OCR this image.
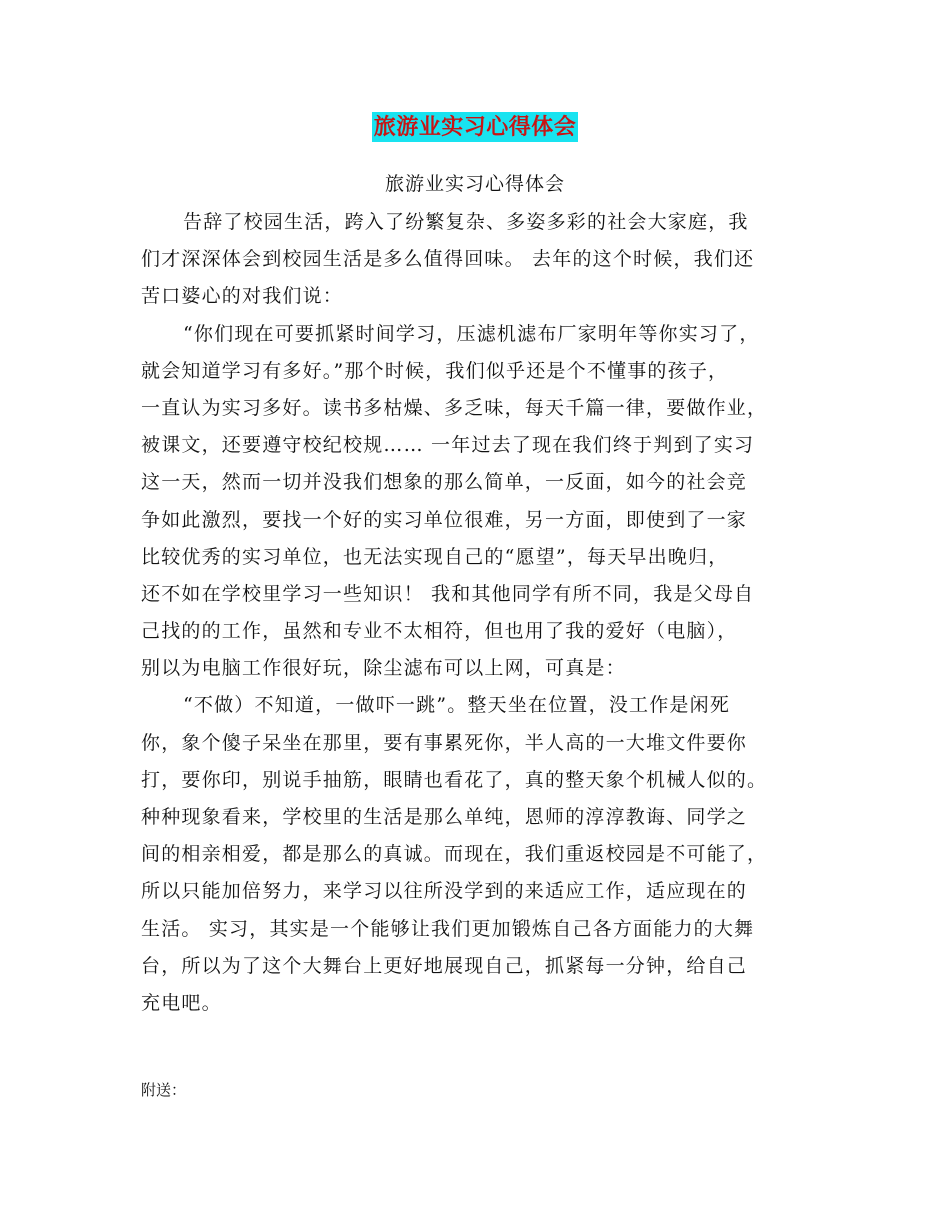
旅游业实习心得体会
旅游业实习心得体会
告辞了校园生活，跨入了纷繁复杂、多姿多彩的社会大家庭，我
们才深深体会到校园生活是多么值得回味。 去年的这个时候，我们还
苦口婆心的对我们说：
“你们现在可要抓紧时间学习，压滤机滤布厂家明年等你实习了，
就会知道学习有多好。”那个时候，我们似乎还是个不懂事的孩子，
一直认为实习多好。读书多枯燥、多乏味，每天千篇一律，要做作业，
被课文，还要遵守校纪校规…… 一年过去了现在我们终于判到了实习
这一天，然而一切并没我们想象的那么简单，一反面，如今的社会竞
争如此激烈，要找一个好的实习单位很难，另一方面，即使到了一家
比较优秀的实习单位，也无法实现自己的“愿望”，每天早出晚归，
还不如在学校里学习一些知识！ 我和其他同学有所不同，我是父母自
己找的的工作，虽然和专业不太相符，但也用了我的爱好（电脑），
别以为电脑工作很好玩，除尘滤布可以上网，可真是：
“不做）不知道，一做吓一跳”。整天坐在位置，没工作是闲死
你，象个傻子呆坐在那里，要有事累死你，半人高的一大堆文件要你
打，要你印，别说手抽筋，眼睛也看花了，真的整天象个机械人似的。
种种现象看来，学校里的生活是那么单纯，恩师的淳淳教诲、同学之
间的相亲相爱，都是那么的真诚。而现在，我们重返校园是不可能了，
所以只能加倍努力，来学习以往所没学到的来适应工作，适应现在的
生活。 实习，其实是一个能够让我们更加锻炼自己各方面能力的大舞
台，所以为了这个大舞台上更好地展现自己，抓紧每一分钟，给自己
充电吧。
附送：
